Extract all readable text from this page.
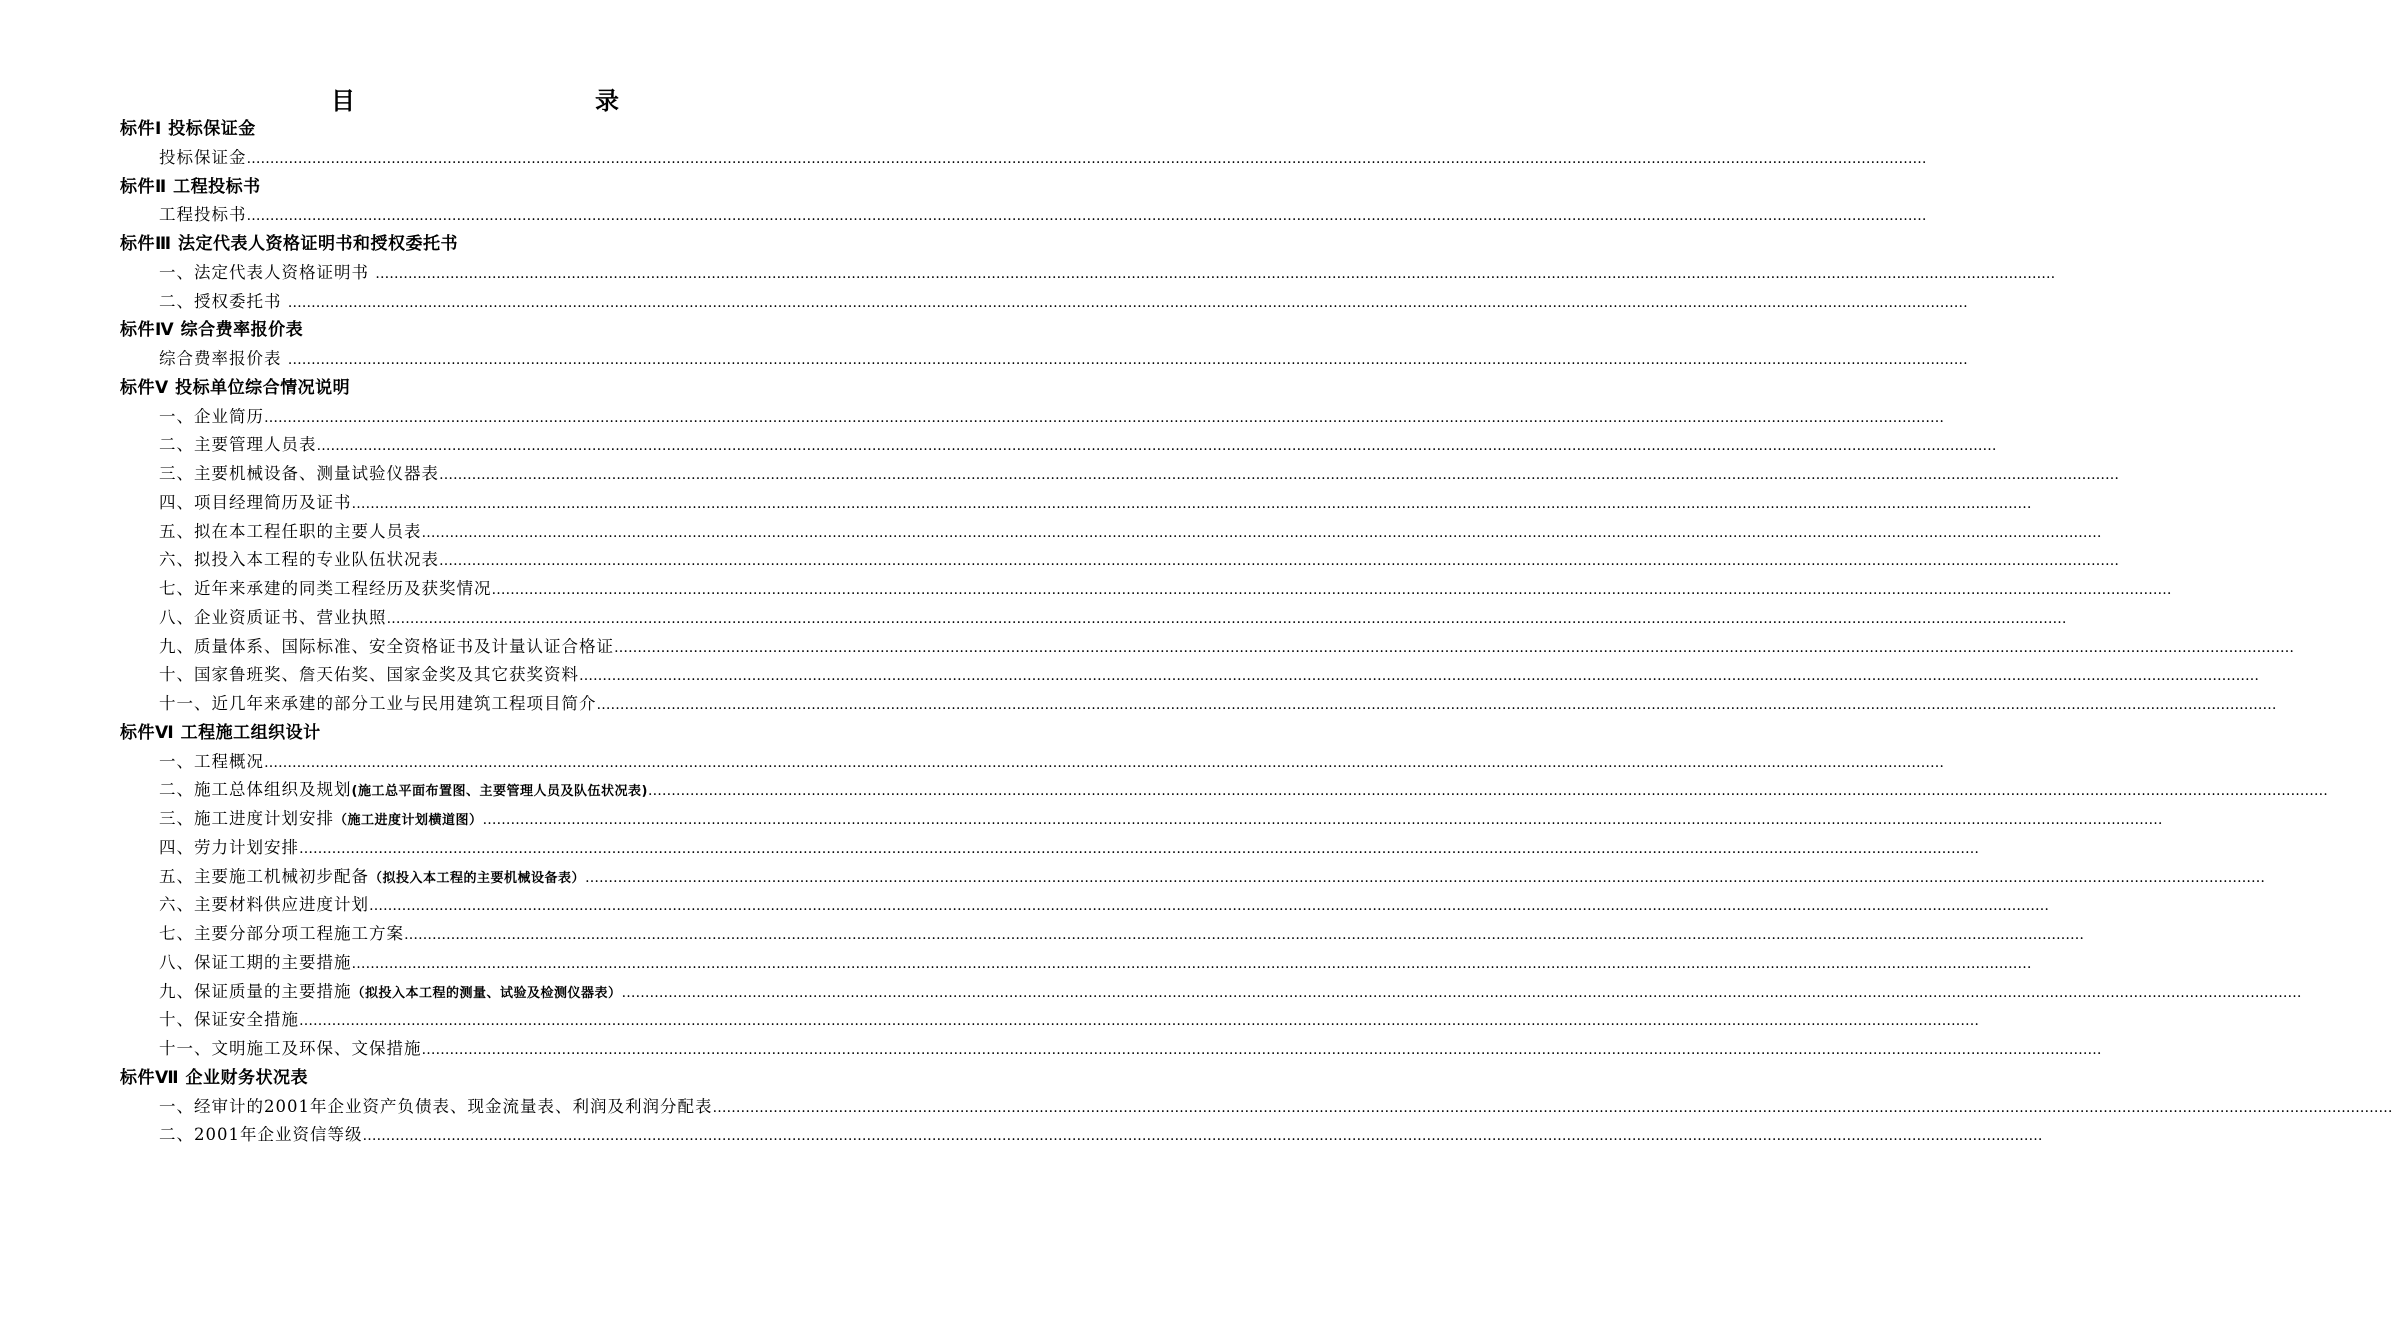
目　　录
标件Ⅰ 投标保证金
投标保证金………………………………………………………………………………………………………………………………………………………………………………………………………………………………………………………………………………………………………………………………
标件Ⅱ 工程投标书
工程投标书………………………………………………………………………………………………………………………………………………………………………………………………………………………………………………………………………………………………………………………………
标件Ⅲ 法定代表人资格证明书和授权委托书
一、法定代表人资格证明书 ………………………………………………………………………………………………………………………………………………………………………………………………………………………………………………………………………………………………………………………………
二、授权委托书 ………………………………………………………………………………………………………………………………………………………………………………………………………………………………………………………………………………………………………………………………
标件Ⅳ 综合费率报价表
综合费率报价表 ………………………………………………………………………………………………………………………………………………………………………………………………………………………………………………………………………………………………………………………………
标件Ⅴ 投标单位综合情况说明
一、企业简历………………………………………………………………………………………………………………………………………………………………………………………………………………………………………………………………………………………………………………………………
二、主要管理人员表………………………………………………………………………………………………………………………………………………………………………………………………………………………………………………………………………………………………………………………………
三、主要机械设备、测量试验仪器表………………………………………………………………………………………………………………………………………………………………………………………………………………………………………………………………………………………………………………………………
四、项目经理简历及证书………………………………………………………………………………………………………………………………………………………………………………………………………………………………………………………………………………………………………………………………
五、拟在本工程任职的主要人员表………………………………………………………………………………………………………………………………………………………………………………………………………………………………………………………………………………………………………………………………
六、拟投入本工程的专业队伍状况表………………………………………………………………………………………………………………………………………………………………………………………………………………………………………………………………………………………………………………………………
七、近年来承建的同类工程经历及获奖情况………………………………………………………………………………………………………………………………………………………………………………………………………………………………………………………………………………………………………………………………
八、企业资质证书、营业执照………………………………………………………………………………………………………………………………………………………………………………………………………………………………………………………………………………………………………………………………
九、质量体系、国际标准、安全资格证书及计量认证合格证………………………………………………………………………………………………………………………………………………………………………………………………………………………………………………………………………………………………………………………………
十、国家鲁班奖、詹天佑奖、国家金奖及其它获奖资料………………………………………………………………………………………………………………………………………………………………………………………………………………………………………………………………………………………………………………………………
十一、近几年来承建的部分工业与民用建筑工程项目简介………………………………………………………………………………………………………………………………………………………………………………………………………………………………………………………………………………………………………………………………
标件Ⅵ 工程施工组织设计
一、工程概况………………………………………………………………………………………………………………………………………………………………………………………………………………………………………………………………………………………………………………………………
二、施工总体组织及规划(施工总平面布置图、主要管理人员及队伍状况表)………………………………………………………………………………………………………………………………………………………………………………………………………………………………………………………………………………………………………………………………
三、施工进度计划安排（施工进度计划横道图）………………………………………………………………………………………………………………………………………………………………………………………………………………………………………………………………………………………………………………………………
四、劳力计划安排………………………………………………………………………………………………………………………………………………………………………………………………………………………………………………………………………………………………………………………………
五、主要施工机械初步配备（拟投入本工程的主要机械设备表）………………………………………………………………………………………………………………………………………………………………………………………………………………………………………………………………………………………………………………………………
六、主要材料供应进度计划………………………………………………………………………………………………………………………………………………………………………………………………………………………………………………………………………………………………………………………………
七、主要分部分项工程施工方案………………………………………………………………………………………………………………………………………………………………………………………………………………………………………………………………………………………………………………………………
八、保证工期的主要措施………………………………………………………………………………………………………………………………………………………………………………………………………………………………………………………………………………………………………………………………
九、保证质量的主要措施（拟投入本工程的测量、试验及检测仪器表）………………………………………………………………………………………………………………………………………………………………………………………………………………………………………………………………………………………………………………………………
十、保证安全措施………………………………………………………………………………………………………………………………………………………………………………………………………………………………………………………………………………………………………………………………
十一、文明施工及环保、文保措施………………………………………………………………………………………………………………………………………………………………………………………………………………………………………………………………………………………………………………………………
标件Ⅶ 企业财务状况表
一、经审计的2001年企业资产负债表、现金流量表、利润及利润分配表………………………………………………………………………………………………………………………………………………………………………………………………………………………………………………………………………………………………………………………………
二、2001年企业资信等级………………………………………………………………………………………………………………………………………………………………………………………………………………………………………………………………………………………………………………………………
